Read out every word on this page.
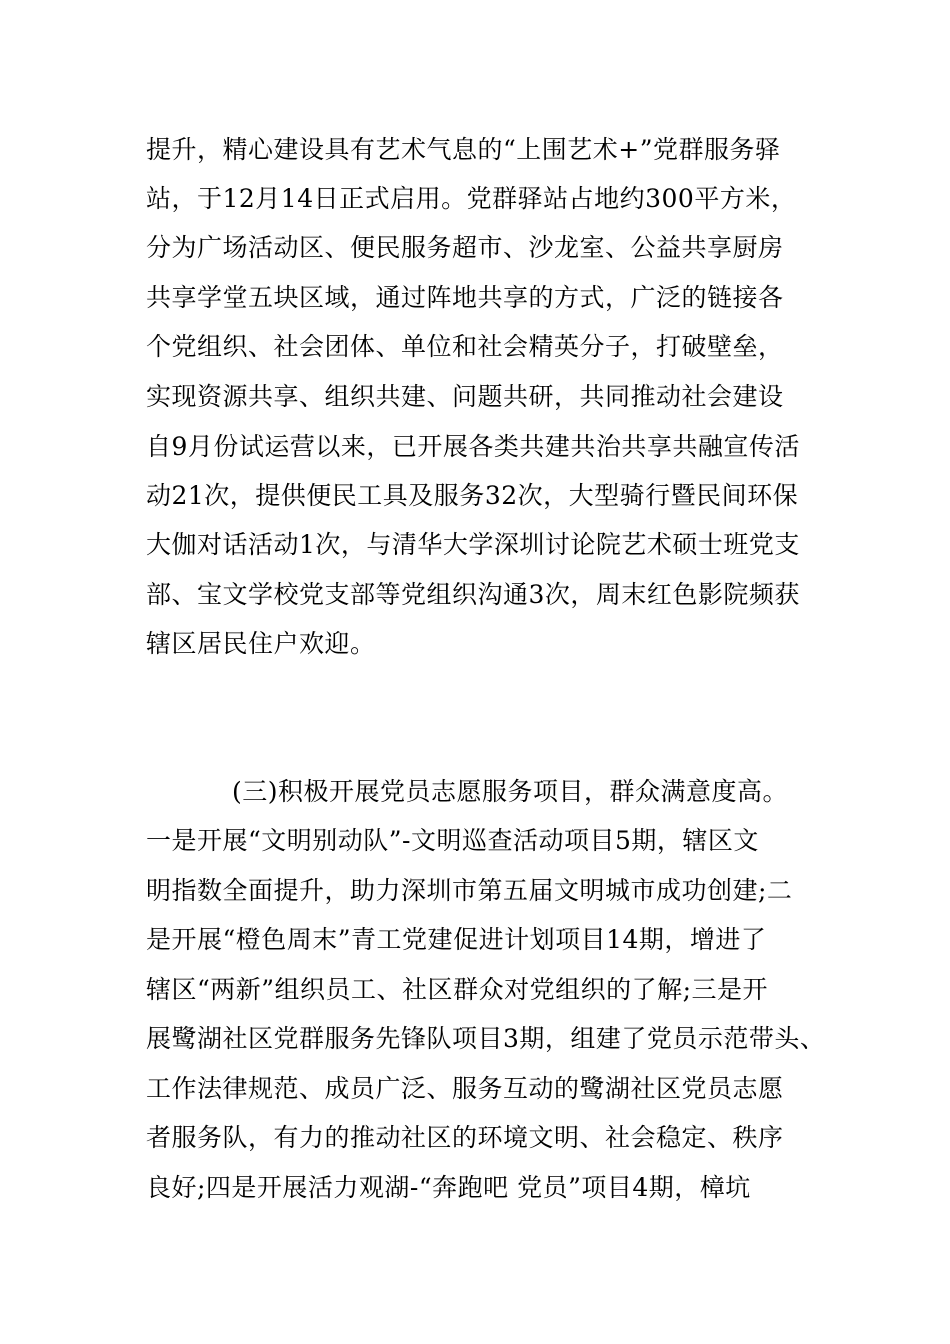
提升，精心建设具有艺术气息的“上围艺术+”党群服务驿
站，于12月14日正式启用。党群驿站占地约300平方米，
分为广场活动区、便民服务超市、沙龙室、公益共享厨房
共享学堂五块区域，通过阵地共享的方式，广泛的链接各
个党组织、社会团体、单位和社会精英分子，打破壁垒，
实现资源共享、组织共建、问题共研，共同推动社会建设
自9月份试运营以来，已开展各类共建共治共享共融宣传活
动21次，提供便民工具及服务32次，大型骑行暨民间环保
大伽对话活动1次，与清华大学深圳讨论院艺术硕士班党支
部、宝文学校党支部等党组织沟通3次，周末红色影院频获
辖区居民住户欢迎。
(三)积极开展党员志愿服务项目，群众满意度高。
一是开展“文明别动队”-文明巡查活动项目5期，辖区文
明指数全面提升，助力深圳市第五届文明城市成功创建;二
是开展“橙色周末”青工党建促进计划项目14期，增进了
辖区“两新”组织员工、社区群众对党组织的了解;三是开
展鹭湖社区党群服务先锋队项目3期，组建了党员示范带头、
工作法律规范、成员广泛、服务互动的鹭湖社区党员志愿
者服务队，有力的推动社区的环境文明、社会稳定、秩序
良好;四是开展活力观湖-“奔跑吧 党员”项目4期，樟坑
